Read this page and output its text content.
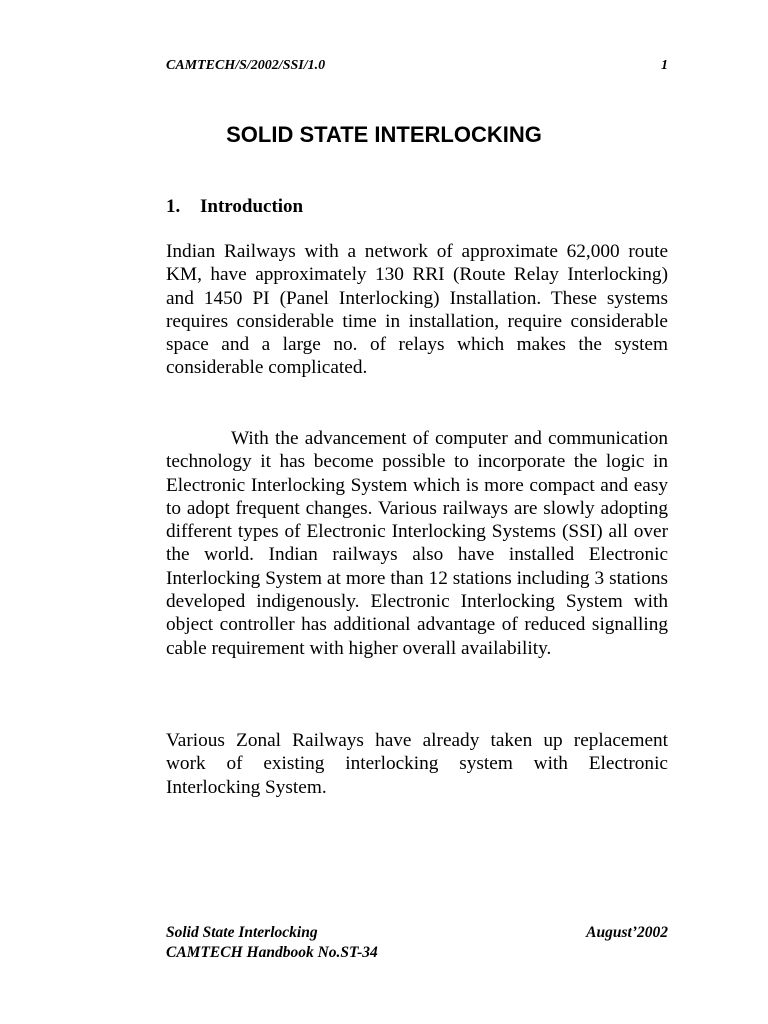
CAMTECH/S/2002/SSI/1.0	1
SOLID STATE INTERLOCKING
1. Introduction

Indian Railways with a network of approximate 62,000 route KM, have approximately 130 RRI (Route Relay Interlocking) and 1450 PI (Panel Interlocking) Installation. These systems requires considerable time in installation, require considerable space and a large no. of relays which makes the system considerable complicated.

With the advancement of computer and communication technology it has become possible to incorporate the logic in Electronic Interlocking System which is more compact and easy to adopt frequent changes. Various railways are slowly adopting different types of Electronic Interlocking Systems (SSI) all over the world. Indian railways also have installed Electronic Interlocking System at more than 12 stations including 3 stations developed indigenously. Electronic Interlocking System with object controller has additional advantage of reduced signalling cable requirement with higher overall availability.

Various Zonal Railways have already taken up replacement work of existing interlocking system with Electronic Interlocking System.

Solid State Interlocking	August’2002
CAMTECH Handbook No.ST-34
